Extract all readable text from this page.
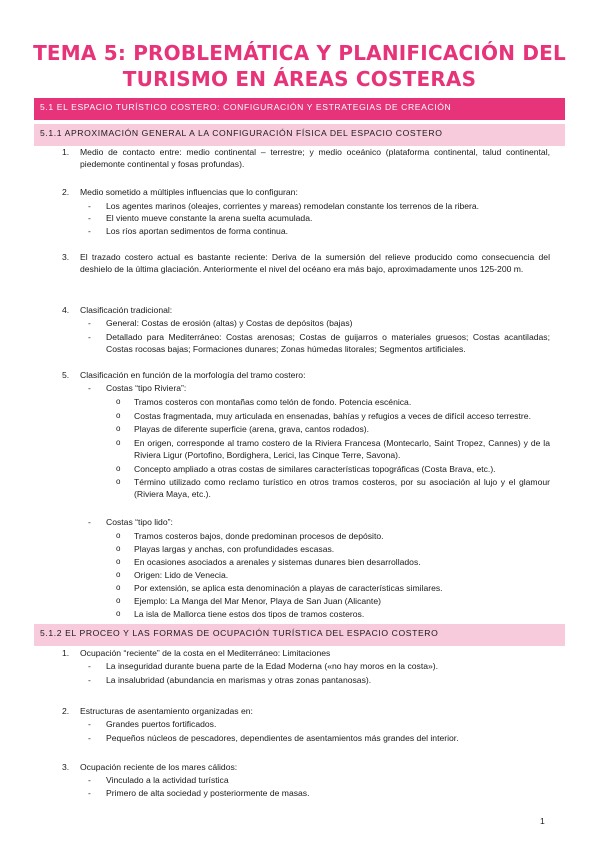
TEMA 5: PROBLEMÁTICA Y PLANIFICACIÓN DEL
TURISMO EN ÁREAS COSTERAS
5.1 EL ESPACIO TURÍSTICO COSTERO: CONFIGURACIÓN Y ESTRATEGIAS DE CREACIÓN
5.1.1 APROXIMACIÓN GENERAL A LA CONFIGURACIÓN FÍSICA DEL ESPACIO COSTERO
1. Medio de contacto entre: medio continental – terrestre; y medio oceánico (plataforma continental, talud continental, piedemonte continental y fosas profundas).
2. Medio sometido a múltiples influencias que lo configuran:
- Los agentes marinos (oleajes, corrientes y mareas) remodelan constante los terrenos de la ribera.
- El viento mueve constante la arena suelta acumulada.
- Los ríos aportan sedimentos de forma continua.
3. El trazado costero actual es bastante reciente: Deriva de la sumersión del relieve producido como consecuencia del deshielo de la última glaciación. Anteriormente el nivel del océano era más bajo, aproximadamente unos 125-200 m.
4. Clasificación tradicional:
- General: Costas de erosión (altas) y Costas de depósitos (bajas)
- Detallado para Mediterráneo: Costas arenosas; Costas de guijarros o materiales gruesos; Costas acantiladas; Costas rocosas bajas; Formaciones dunares; Zonas húmedas litorales; Segmentos artificiales.
5. Clasificación en función de la morfología del tramo costero:
- Costas “tipo Riviera”:
o Tramos costeros con montañas como telón de fondo. Potencia escénica.
o Costas fragmentada, muy articulada en ensenadas, bahías y refugios a veces de difícil acceso terrestre.
o Playas de diferente superficie (arena, grava, cantos rodados).
o En origen, corresponde al tramo costero de la Riviera Francesa (Montecarlo, Saint Tropez, Cannes) y de la Riviera Ligur (Portofino, Bordighera, Lerici, las Cinque Terre, Savona).
o Concepto ampliado a otras costas de similares características topográficas (Costa Brava, etc.).
o Término utilizado como reclamo turístico en otros tramos costeros, por su asociación al lujo y el glamour (Riviera Maya, etc.).
- Costas “tipo lido”:
o Tramos costeros bajos, donde predominan procesos de depósito.
o Playas largas y anchas, con profundidades escasas.
o En ocasiones asociados a arenales y sistemas dunares bien desarrollados.
o Origen: Lido de Venecia.
o Por extensión, se aplica esta denominación a playas de características similares.
o Ejemplo: La Manga del Mar Menor, Playa de San Juan (Alicante)
o La isla de Mallorca tiene estos dos tipos de tramos costeros.
5.1.2 EL PROCEO Y LAS FORMAS DE OCUPACIÓN TURÍSTICA DEL ESPACIO COSTERO
1. Ocupación “reciente” de la costa en el Mediterráneo: Limitaciones
- La inseguridad durante buena parte de la Edad Moderna («no hay moros en la costa»).
- La insalubridad (abundancia en marismas y otras zonas pantanosas).
2. Estructuras de asentamiento organizadas en:
- Grandes puertos fortificados.
- Pequeños núcleos de pescadores, dependientes de asentamientos más grandes del interior.
3. Ocupación reciente de los mares cálidos:
- Vinculado a la actividad turística
- Primero de alta sociedad y posteriormente de masas.
1
